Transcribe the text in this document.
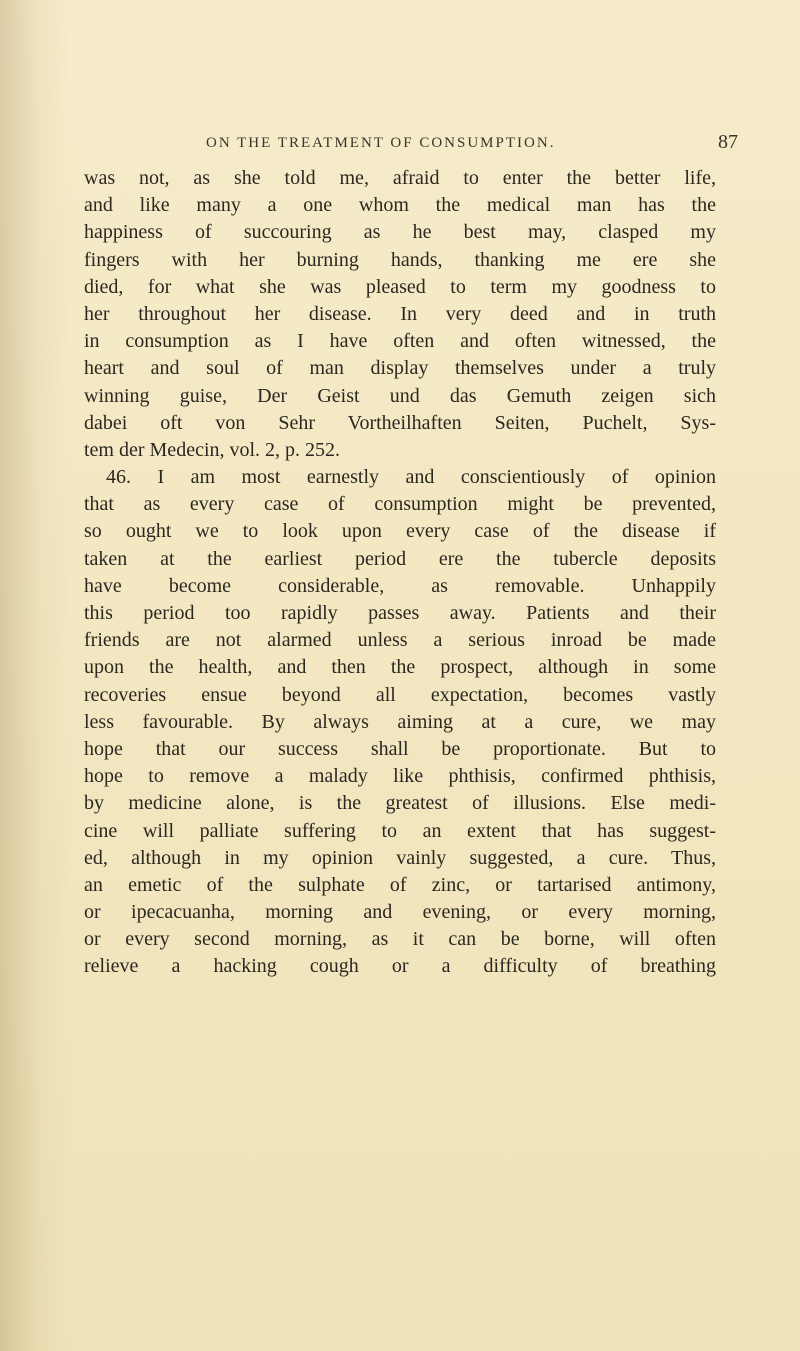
ON THE TREATMENT OF CONSUMPTION.	87
was not, as she told me, afraid to enter the better life,
and like many a one whom the medical man has the
happiness of succouring as he best may, clasped my
fingers with her burning hands, thanking me ere she
died, for what she was pleased to term my goodness to
her throughout her disease. In very deed and in truth
in consumption as I have often and often witnessed, the
heart and soul of man display themselves under a truly
winning guise, Der Geist und das Gemuth zeigen sich
dabei oft von Sehr Vortheilhaften Seiten, Puchelt, Sys-
tem der Medecin, vol. 2, p. 252.
46. I am most earnestly and conscientiously of opinion
that as every case of consumption might be prevented,
so ought we to look upon every case of the disease if
taken at the earliest period ere the tubercle deposits
have become considerable, as removable. Unhappily
this period too rapidly passes away. Patients and their
friends are not alarmed unless a serious inroad be made
upon the health, and then the prospect, although in some
recoveries ensue beyond all expectation, becomes vastly
less favourable. By always aiming at a cure, we may
hope that our success shall be proportionate. But to
hope to remove a malady like phthisis, confirmed phthisis,
by medicine alone, is the greatest of illusions. Else medi-
cine will palliate suffering to an extent that has suggest-
ed, although in my opinion vainly suggested, a cure. Thus,
an emetic of the sulphate of zinc, or tartarised antimony,
or ipecacuanha, morning and evening, or every morning,
or every second morning, as it can be borne, will often
relieve a hacking cough or a difficulty of breathing
